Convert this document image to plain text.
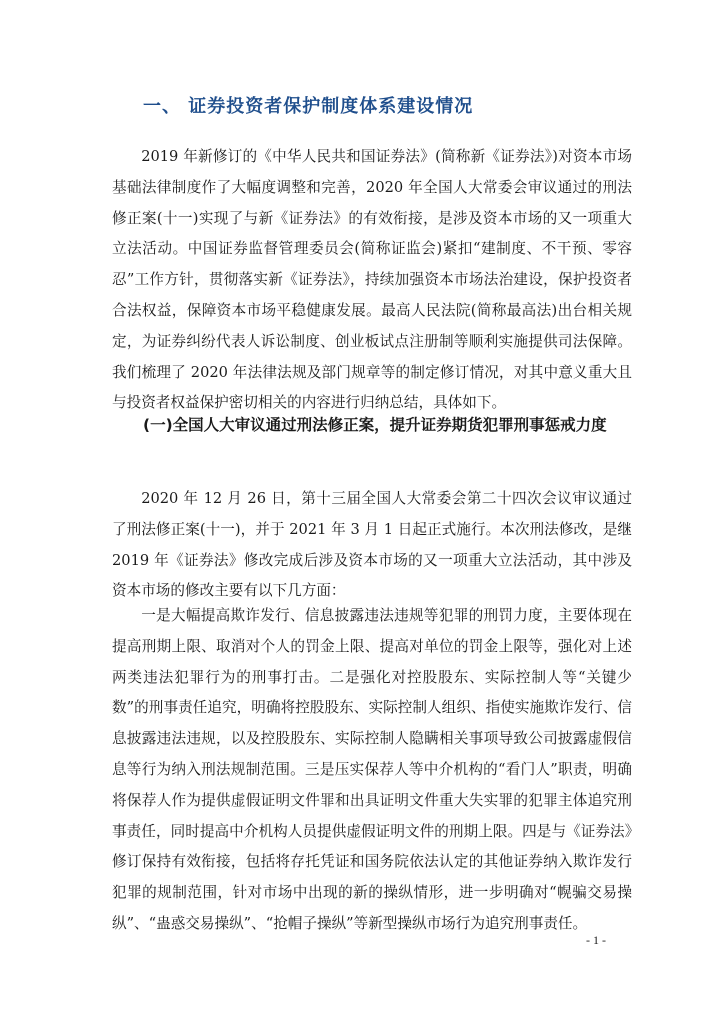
一、 证券投资者保护制度体系建设情况

2019 年新修订的《中华人民共和国证券法》(简称新《证券法》)对资本市场基础法律制度作了大幅度调整和完善，2020 年全国人大常委会审议通过的刑法修正案(十一)实现了与新《证券法》的有效衔接，是涉及资本市场的又一项重大立法活动。中国证券监督管理委员会(简称证监会)紧扣“建制度、不干预、零容忍”工作方针，贯彻落实新《证券法》，持续加强资本市场法治建设，保护投资者合法权益，保障资本市场平稳健康发展。最高人民法院(简称最高法)出台相关规定，为证券纠纷代表人诉讼制度、创业板试点注册制等顺利实施提供司法保障。我们梳理了 2020 年法律法规及部门规章等的制定修订情况，对其中意义重大且与投资者权益保护密切相关的内容进行归纳总结，具体如下。

(一)全国人大审议通过刑法修正案，提升证券期货犯罪刑事惩戒力度

2020 年 12 月 26 日，第十三届全国人大常委会第二十四次会议审议通过了刑法修正案(十一)，并于 2021 年 3 月 1 日起正式施行。本次刑法修改，是继 2019 年《证券法》修改完成后涉及资本市场的又一项重大立法活动，其中涉及资本市场的修改主要有以下几方面：

一是大幅提高欺诈发行、信息披露违法违规等犯罪的刑罚力度，主要体现在提高刑期上限、取消对个人的罚金上限、提高对单位的罚金上限等，强化对上述两类违法犯罪行为的刑事打击。二是强化对控股股东、实际控制人等“关键少数”的刑事责任追究，明确将控股股东、实际控制人组织、指使实施欺诈发行、信息披露违法违规，以及控股股东、实际控制人隐瞒相关事项导致公司披露虚假信息等行为纳入刑法规制范围。三是压实保荐人等中介机构的“看门人”职责，明确将保荐人作为提供虚假证明文件罪和出具证明文件重大失实罪的犯罪主体追究刑事责任，同时提高中介机构人员提供虚假证明文件的刑期上限。四是与《证券法》修订保持有效衔接，包括将存托凭证和国务院依法认定的其他证券纳入欺诈发行犯罪的规制范围，针对市场中出现的新的操纵情形，进一步明确对“幌骗交易操纵”、“蛊惑交易操纵”、“抢帽子操纵”等新型操纵市场行为追究刑事责任。

- 1 -
